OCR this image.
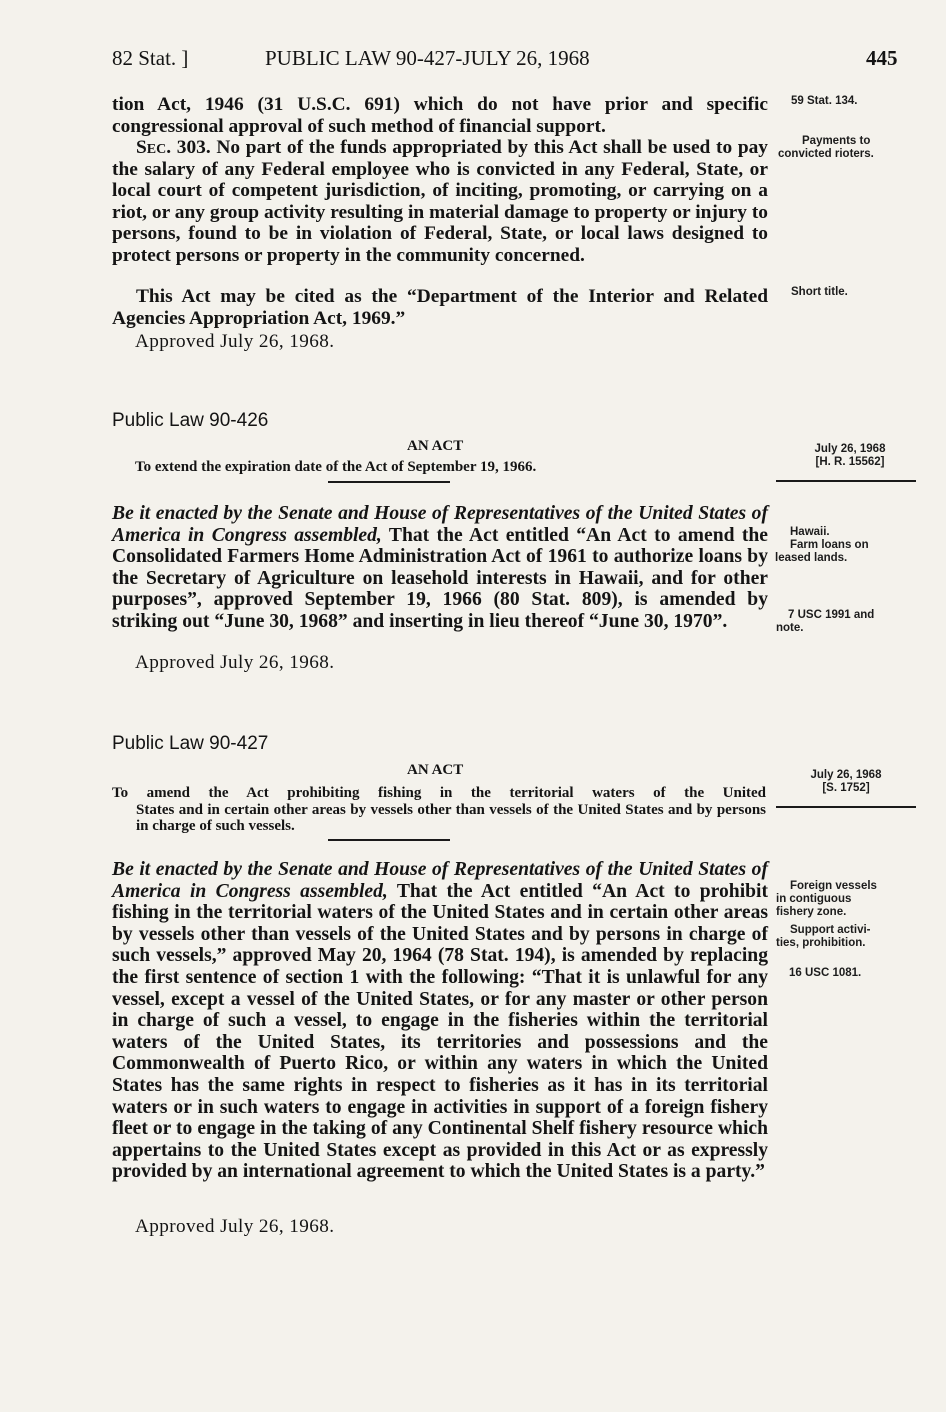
82 Stat. ]	PUBLIC LAW 90-427-JULY 26, 1968	445

tion Act, 1946 (31 U.S.C. 691) which do not have prior and specific congressional approval of such method of financial support.

Sec. 303. No part of the funds appropriated by this Act shall be used to pay the salary of any Federal employee who is convicted in any Federal, State, or local court of competent jurisdiction, of inciting, promoting, or carrying on a riot, or any group activity resulting in material damage to property or injury to persons, found to be in violation of Federal, State, or local laws designed to protect persons or property in the community concerned.

This Act may be cited as the “Department of the Interior and Related Agencies Appropriation Act, 1969.”

Approved July 26, 1968.
Public Law 90-426
AN ACT
To extend the expiration date of the Act of September 19, 1966.

Be it enacted by the Senate and House of Representatives of the United States of America in Congress assembled, That the Act entitled “An Act to amend the Consolidated Farmers Home Administration Act of 1961 to authorize loans by the Secretary of Agriculture on leasehold interests in Hawaii, and for other purposes”, approved September 19, 1966 (80 Stat. 809), is amended by striking out “June 30, 1968” and inserting in lieu thereof “June 30, 1970”.

Approved July 26, 1968.
Public Law 90-427
AN ACT
To amend the Act prohibiting fishing in the territorial waters of the United
States and in certain other areas by vessels other than vessels of the United States and by persons in charge of such vessels.

Be it enacted by the Senate and House of Representatives of the United States of America in Congress assembled, That the Act entitled “An Act to prohibit fishing in the territorial waters of the United States and in certain other areas by vessels other than vessels of the United States and by persons in charge of such vessels,” approved May 20, 1964 (78 Stat. 194), is amended by replacing the first sentence of section 1 with the following: “That it is unlawful for any vessel, except a vessel of the United States, or for any master or other person in charge of such a vessel, to engage in the fisheries within the territorial waters of the United States, its territories and possessions and the Commonwealth of Puerto Rico, or within any waters in which the United States has the same rights in respect to fisheries as it has in its territorial waters or in such waters to engage in activities in support of a foreign fishery fleet or to engage in the taking of any Continental Shelf fishery resource which appertains to the United States except as provided in this Act or as expressly provided by an international agreement to which the United States is a party.”

Approved July 26, 1968.
59 Stat. 134.
Payments to
convicted rioters.
Short title.
July 26, 1968
[H. R. 15562]
Hawaii.
Farm loans on
leased lands.
7 USC 1991 and
note.
July 26, 1968
[S. 1752]
Foreign vessels
in contiguous
fishery zone.
Support activi-
ties, prohibition.
16 USC 1081.
